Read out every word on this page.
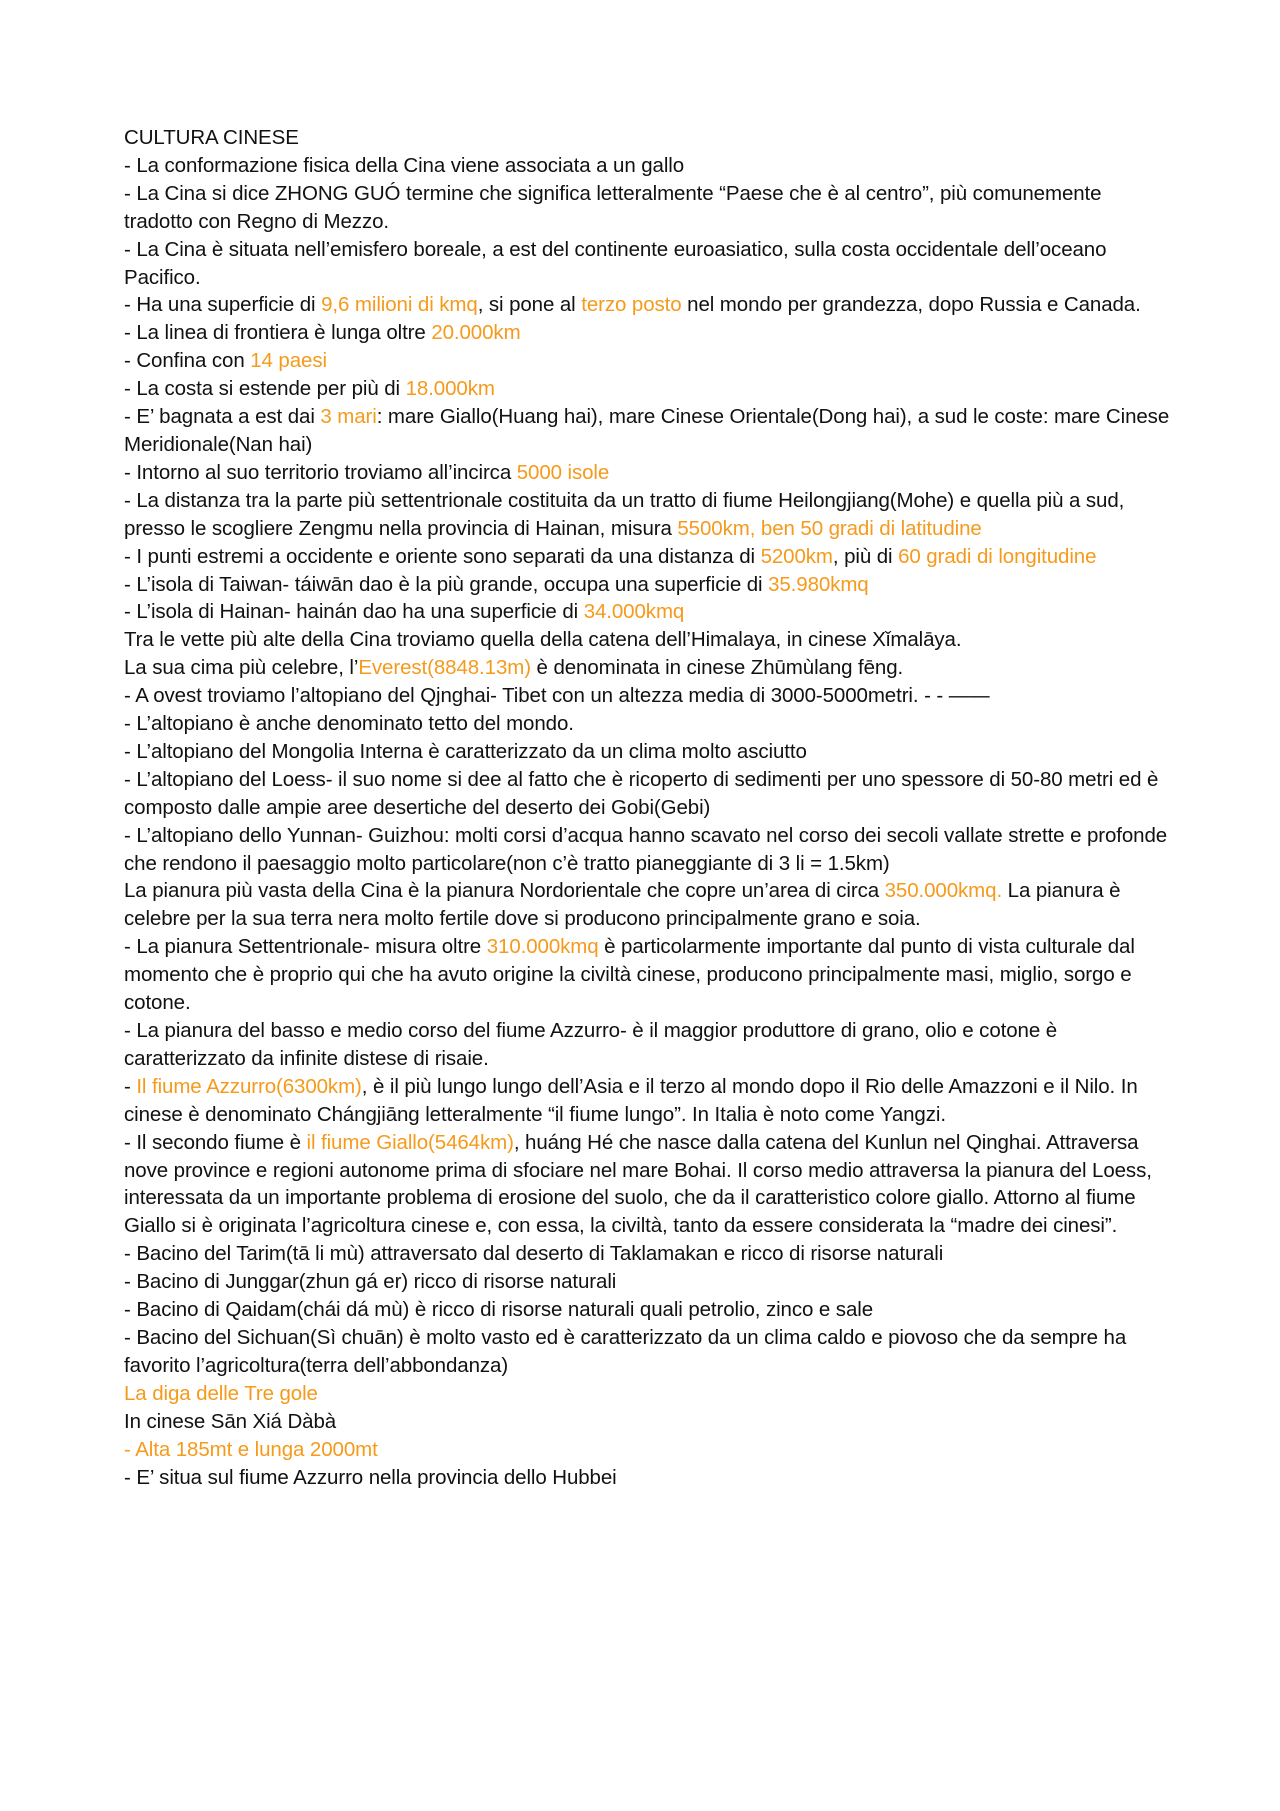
CULTURA CINESE

- La conformazione fisica della Cina viene associata a un gallo

- La Cina si dice ZHONG GUÓ termine che significa letteralmente “Paese che è al centro”, più comunemente tradotto con Regno di Mezzo.

- La Cina è situata nell’emisfero boreale, a est del continente euroasiatico, sulla costa occidentale dell’oceano Pacifico.

- Ha una superficie di 9,6 milioni di kmq, si pone al terzo posto nel mondo per grandezza, dopo Russia e Canada.

- La linea di frontiera è lunga oltre 20.000km

- Confina con 14 paesi

- La costa si estende per più di 18.000km

- E’ bagnata a est dai 3 mari: mare Giallo(Huang hai), mare Cinese Orientale(Dong hai), a sud le coste: mare Cinese Meridionale(Nan hai)

- Intorno al suo territorio troviamo all’incirca 5000 isole

- La distanza tra la parte più settentrionale costituita da un tratto di fiume Heilongjiang(Mohe) e quella più a sud, presso le scogliere Zengmu nella provincia di Hainan, misura 5500km, ben 50 gradi di latitudine

- I punti estremi a occidente e oriente sono separati da una distanza di 5200km, più di 60 gradi di longitudine

- L’isola di Taiwan- táiwān dao è la più grande, occupa una superficie di 35.980kmq

- L’isola di Hainan- hainán dao ha una superficie di 34.000kmq

Tra le vette più alte della Cina troviamo quella della catena dell’Himalaya, in cinese Xǐmalāya.

La sua cima più celebre, l’Everest(8848.13m) è denominata in cinese Zhūmùlang fēng.

- A ovest troviamo l’altopiano del Qjnghai- Tibet con un altezza media di 3000-5000metri. - - ——

- L’altopiano è anche denominato tetto del mondo.

- L’altopiano del Mongolia Interna è caratterizzato da un clima molto asciutto

- L’altopiano del Loess- il suo nome si dee al fatto che è ricoperto di sedimenti per uno spessore di 50-80 metri ed è composto dalle ampie aree desertiche del deserto dei Gobi(Gebi)

- L’altopiano dello Yunnan- Guizhou: molti corsi d’acqua hanno scavato nel corso dei secoli vallate strette e profonde che rendono il paesaggio molto particolare(non c’è tratto pianeggiante di 3 li = 1.5km)

La pianura più vasta della Cina è la pianura Nordorientale che copre un’area di circa 350.000kmq. La pianura è celebre per la sua terra nera molto fertile dove si producono principalmente grano e soia.

- La pianura Settentrionale- misura oltre 310.000kmq è particolarmente importante dal punto di vista culturale dal momento che è proprio qui che ha avuto origine la civiltà cinese, producono principalmente masi, miglio, sorgo e cotone.

- La pianura del basso e medio corso del fiume Azzurro- è il maggior produttore di grano, olio e cotone è caratterizzato da infinite distese di risaie.

- Il fiume Azzurro(6300km), è il più lungo lungo dell’Asia e il terzo al mondo dopo il Rio delle Amazzoni e il Nilo. In cinese è denominato Chángjiāng letteralmente “il fiume lungo”. In Italia è noto come Yangzi.

- Il secondo fiume è il fiume Giallo(5464km), huáng Hé che nasce dalla catena del Kunlun nel Qinghai. Attraversa nove province e regioni autonome prima di sfociare nel mare Bohai. Il corso medio attraversa la pianura del Loess, interessata da un importante problema di erosione del suolo, che da il caratteristico colore giallo. Attorno al fiume Giallo si è originata l’agricoltura cinese e, con essa, la civiltà, tanto da essere considerata la “madre dei cinesi”.

- Bacino del Tarim(tā li mù) attraversato dal deserto di Taklamakan e ricco di risorse naturali

- Bacino di Junggar(zhun gá er) ricco di risorse naturali

- Bacino di Qaidam(chái dá mù) è ricco di risorse naturali quali petrolio, zinco e sale

- Bacino del Sichuan(Sì chuān) è molto vasto ed è caratterizzato da un clima caldo e piovoso che da sempre ha favorito l’agricoltura(terra dell’abbondanza)

La diga delle Tre gole

In cinese Sān Xiá Dàbà

- Alta 185mt e lunga 2000mt

- E’ situa sul fiume Azzurro nella provincia dello Hubbei
